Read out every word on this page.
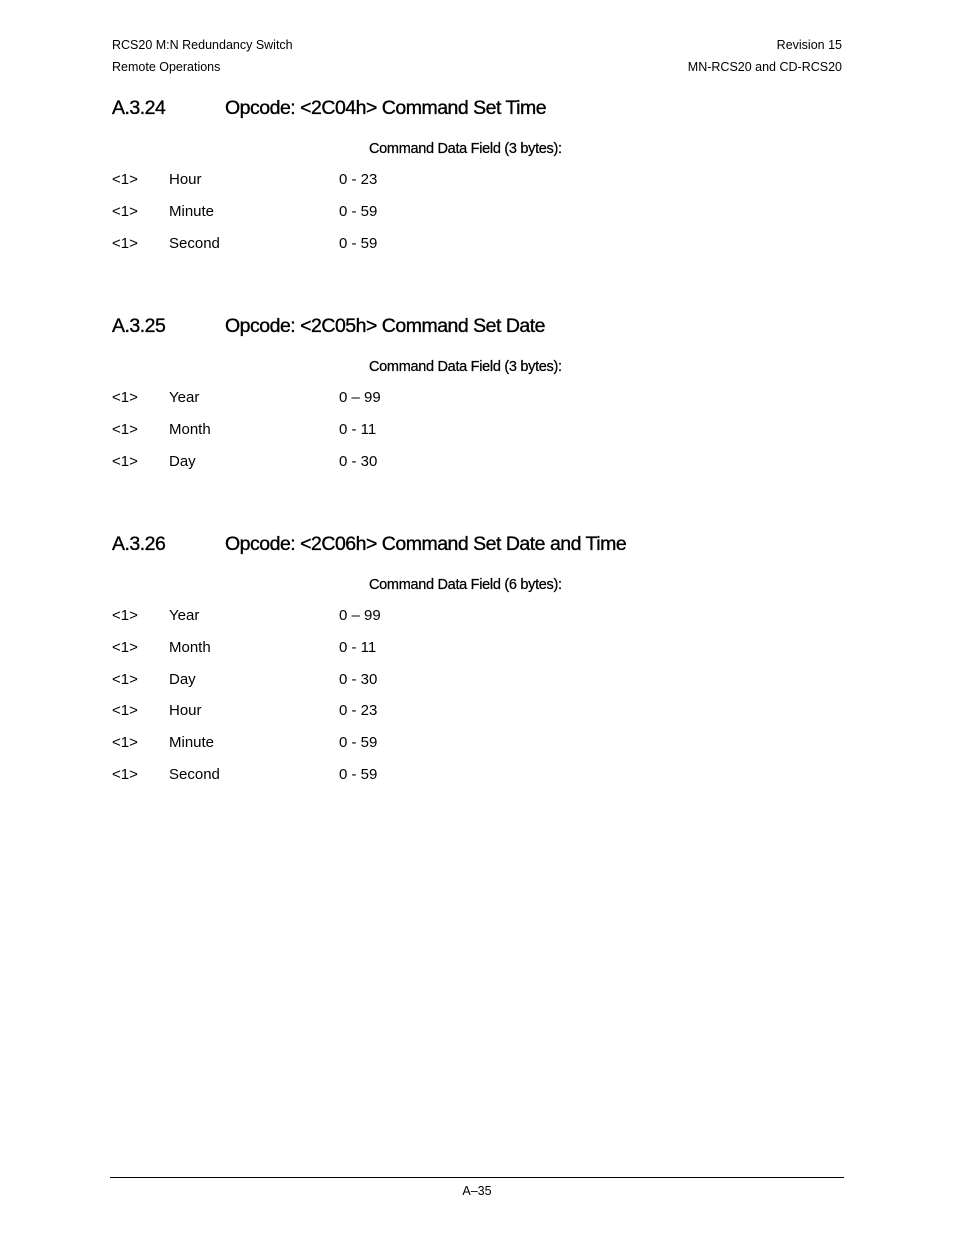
RCS20 M:N Redundancy Switch
Remote Operations
Revision 15
MN-RCS20 and CD-RCS20
A.3.24	Opcode: <2C04h> Command Set Time
Command Data Field (3 bytes):
<1> Hour	0 - 23
<1> Minute	0 - 59
<1> Second	0 - 59
A.3.25	Opcode: <2C05h> Command Set Date
Command Data Field (3 bytes):
<1> Year	0 – 99
<1> Month	0 - 11
<1> Day	0 - 30
A.3.26	Opcode: <2C06h> Command Set Date and Time
Command Data Field (6 bytes):
<1> Year	0 – 99
<1> Month	0 - 11
<1> Day	0 - 30
<1> Hour	0 - 23
<1> Minute	0 - 59
<1> Second	0 - 59
A–35
